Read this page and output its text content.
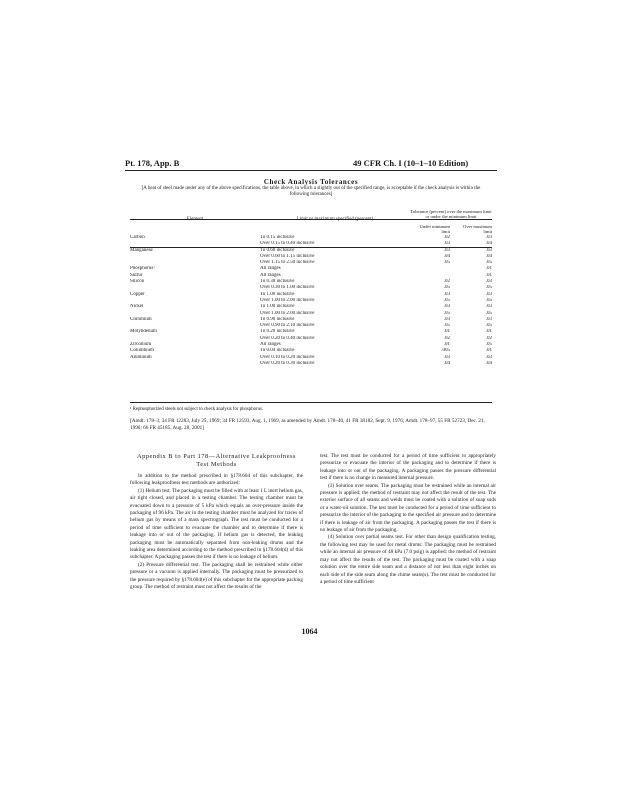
Pt. 178, App. B	49 CFR Ch. I (10–1–10 Edition)
Check Analysis Tolerances
[A heat of steel made under any of the above specifications, the table above, in which a slightly out of the specified range, is acceptable if the check analysis is within the following tolerances]
		Tolerance (percent) over the maximum limit or under the minimum limit	
		Under minimum limit	Over maximum limit
Carbon	To 0.15 inclusive	.02	.03
	Over 0.15 to 0.40 inclusive	.03	.04
Manganese	To 0.60 inclusive	.03	.03
	Over 0.60 to 1.15 inclusive	.04	.04
	Over 1.15 to 2.50 inclusive	.05	.05
Phosphorus¹	All ranges		.01
Sulfur	All ranges		.01
Silicon	To 0.30 inclusive	.02	.03
	Over 0.30 to 1.00 inclusive	.05	.05
Copper	To 1.00 inclusive	.03	.03
	Over 1.00 to 2.00 inclusive	.05	.05
Nickel	To 1.00 inclusive	.03	.03
	Over 1.00 to 2.00 inclusive	.05	.05
Chromium	To 0.90 inclusive	.03	.03
	Over 0.90 to 2.10 inclusive	.05	.05
Molybdenum	To 0.20 inclusive	.01	.01
	Over 0.20 to 0.40 inclusive	.02	.02
Zirconium	All ranges	.01	.05
Columbium	To 0.04 inclusive	.005	.01
Aluminum	Over 0.10 to 0.20 inclusive	.03	.03
	Over 0.20 to 0.30 inclusive	.04	.04
¹ Rephosphorized steels not subject to check analysis for phosphorus.
[Amdt. 178–3, 34 FR 12283, July 25, 1969; 34 FR 12593, Aug. 1, 1969, as amended by Amdt. 178–40, 41 FR 38182, Sept. 9, 1976; Amdt. 178–97, 55 FR 52723, Dec. 21, 1990; 66 FR 45185, Aug. 28, 2001]

Appendix B to Part 178—Alternative Leakproofness Test Methods

In addition to the method prescribed in §178.604 of this subchapter, the following leakproofness test methods are authorized:

(1) Helium test. The packaging must be filled with at least 1 L inert helium gas, air tight closed, and placed in a testing chamber. The testing chamber must be evacuated down to a pressure of 5 kPa which equals an over-pressure inside the packaging of 96 kPa. The air in the testing chamber must be analyzed for traces of helium gas by means of a mass spectrograph. The test must be conducted for a period of time sufficient to evacuate the chamber and to determine if there is leakage into or out of the packaging. If helium gas is detected, the leaking packaging must be automatically separated from non-leaking drums and the leaking area determined according to the method prescribed in §178.604(d) of this subchapter. A packaging passes the test if there is no leakage of helium.

(2) Pressure differential test. The packaging shall be restrained while either pressure or a vacuum is applied internally. The packaging must be pressurized to the pressure required by §178.604(e) of this subchapter for the appropriate packing group. The method of restraint must not affect the results of the

test. The test must be conducted for a period of time sufficient to appropriately pressurize or evacuate the interior of the packaging and to determine if there is leakage into or out of the packaging. A packaging passes the pressure differential test if there is no change in measured internal pressure.

(3) Solution over seams. The packaging must be restrained while an internal air pressure is applied; the method of restraint may not affect the result of the test. The exterior surface of all seams and welds must be coated with a solution of soap suds or a water-oil solution. The test must be conducted for a period of time sufficient to pressurize the interior of the packaging to the specified air pressure and to determine if there is leakage of air from the packaging. A packaging passes the test if there is no leakage of air from the packaging.

(4) Solution over partial seams test. For other than design qualification testing, the following test may be used for metal drums: The packaging must be restrained while an internal air pressure of 48 kPa (7.0 psig) is applied; the method of restraint may not affect the results of the test. The packaging must be coated with a soap solution over the entire side seam and a distance of not less than eight inches on each side of the side seam along the chime seam(s). The test must be conducted for a period of time sufficient

1064
